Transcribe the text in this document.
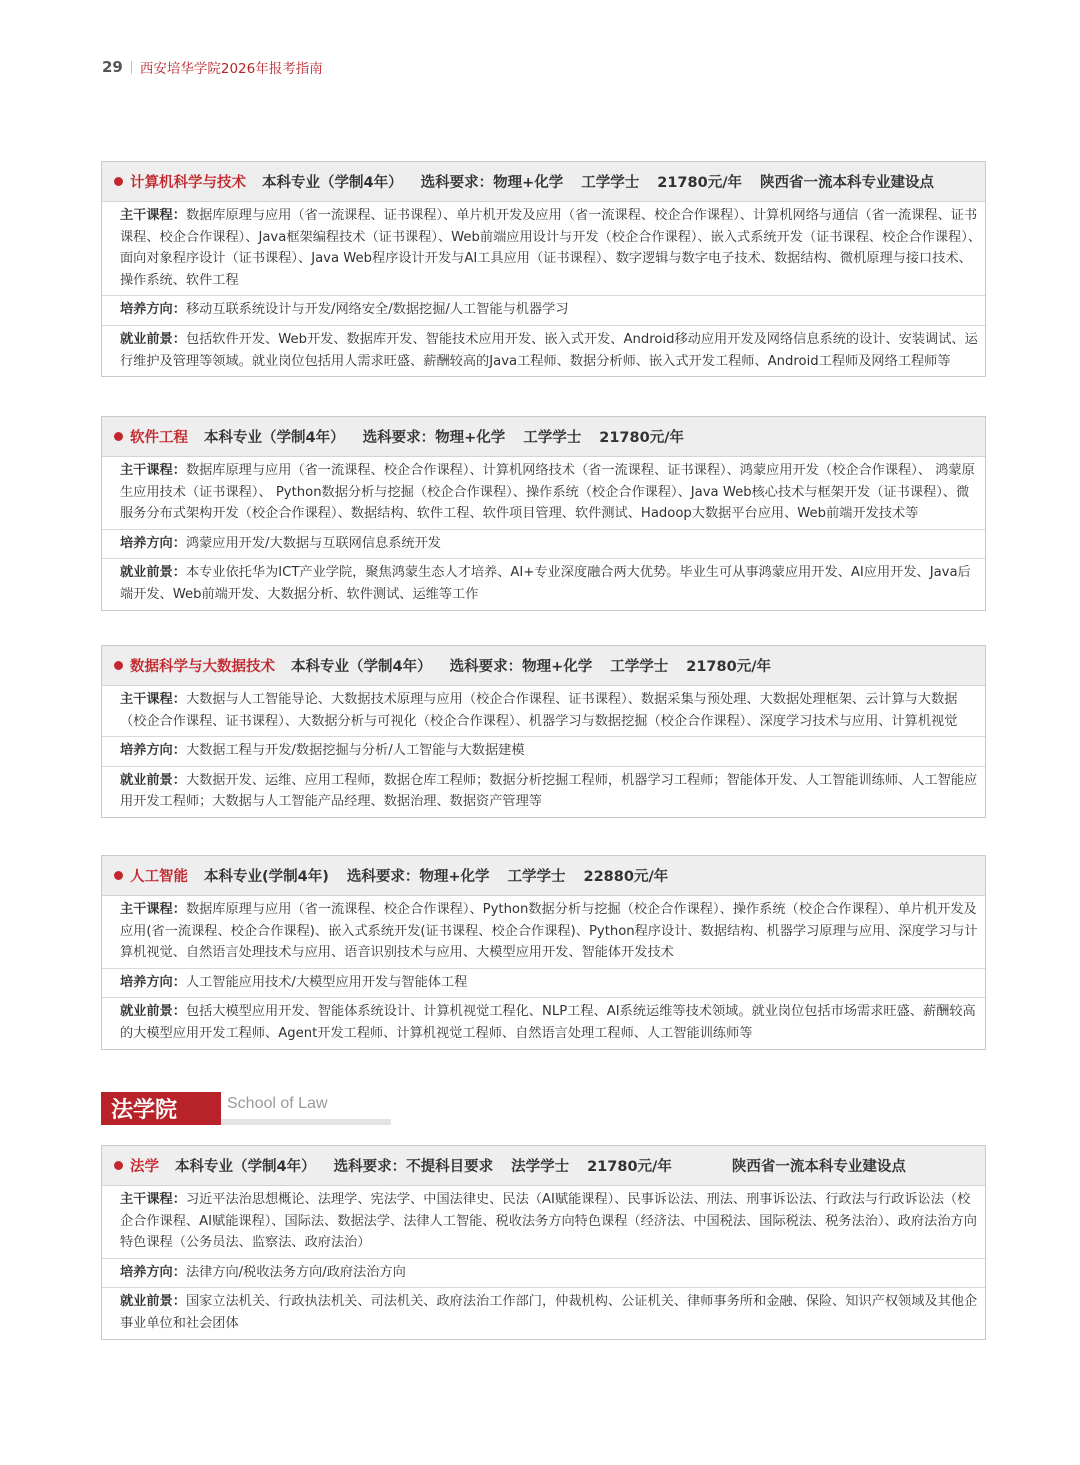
29 西安培华学院2026年报考指南
计算机科学与技术 本科专业（学制4年） 选科要求：物理+化学 工学学士 21780元/年 陕西省一流本科专业建设点
主干课程：数据库原理与应用（省一流课程、证书课程）、单片机开发及应用（省一流课程、校企合作课程）、计算机网络与通信（省一流课程、证书课程、校企合作课程）、Java框架编程技术（证书课程）、Web前端应用设计与开发（校企合作课程）、嵌入式系统开发（证书课程、校企合作课程）、面向对象程序设计（证书课程）、Java Web程序设计开发与AI工具应用（证书课程）、数字逻辑与数字电子技术、数据结构、微机原理与接口技术、操作系统、软件工程
培养方向：移动互联系统设计与开发/网络安全/数据挖掘/人工智能与机器学习
就业前景：包括软件开发、Web开发、数据库开发、智能技术应用开发、嵌入式开发、Android移动应用开发及网络信息系统的设计、安装调试、运行维护及管理等领域。就业岗位包括用人需求旺盛、薪酬较高的Java工程师、数据分析师、嵌入式开发工程师、Android工程师及网络工程师等
软件工程 本科专业（学制4年） 选科要求：物理+化学 工学学士 21780元/年
主干课程：数据库原理与应用（省一流课程、校企合作课程）、计算机网络技术（省一流课程、证书课程）、鸿蒙应用开发（校企合作课程）、 鸿蒙原生应用技术（证书课程）、 Python数据分析与挖掘（校企合作课程）、操作系统（校企合作课程）、Java Web核心技术与框架开发（证书课程）、微服务分布式架构开发（校企合作课程）、数据结构、软件工程、软件项目管理、软件测试、Hadoop大数据平台应用、Web前端开发技术等
培养方向：鸿蒙应用开发/大数据与互联网信息系统开发
就业前景：本专业依托华为ICT产业学院，聚焦鸿蒙生态人才培养、AI+专业深度融合两大优势。毕业生可从事鸿蒙应用开发、AI应用开发、Java后端开发、Web前端开发、大数据分析、软件测试、运维等工作
数据科学与大数据技术 本科专业（学制4年） 选科要求：物理+化学 工学学士 21780元/年
主干课程：大数据与人工智能导论、大数据技术原理与应用（校企合作课程、证书课程）、数据采集与预处理、大数据处理框架、云计算与大数据（校企合作课程、证书课程）、大数据分析与可视化（校企合作课程）、机器学习与数据挖掘（校企合作课程）、深度学习技术与应用、计算机视觉
培养方向：大数据工程与开发/数据挖掘与分析/人工智能与大数据建模
就业前景：大数据开发、运维、应用工程师，数据仓库工程师；数据分析挖掘工程师，机器学习工程师；智能体开发、人工智能训练师、人工智能应用开发工程师；大数据与人工智能产品经理、数据治理、数据资产管理等
人工智能 本科专业(学制4年) 选科要求：物理+化学 工学学士 22880元/年
主干课程：数据库原理与应用（省一流课程、校企合作课程）、Python数据分析与挖掘（校企合作课程）、操作系统（校企合作课程）、单片机开发及应用(省一流课程、校企合作课程)、嵌入式系统开发(证书课程、校企合作课程)、Python程序设计、数据结构、机器学习原理与应用、深度学习与计算机视觉、自然语言处理技术与应用、语音识别技术与应用、大模型应用开发、智能体开发技术
培养方向：人工智能应用技术/大模型应用开发与智能体工程
就业前景：包括大模型应用开发、智能体系统设计、计算机视觉工程化、NLP工程、AI系统运维等技术领域。就业岗位包括市场需求旺盛、薪酬较高的大模型应用开发工程师、Agent开发工程师、计算机视觉工程师、自然语言处理工程师、人工智能训练师等
法学院	School of Law
法学 本科专业（学制4年） 选科要求：不提科目要求 法学学士 21780元/年	陕西省一流本科专业建设点
主干课程：习近平法治思想概论、法理学、宪法学、中国法律史、民法（AI赋能课程）、民事诉讼法、刑法、刑事诉讼法、行政法与行政诉讼法（校企合作课程、AI赋能课程）、国际法、数据法学、法律人工智能、税收法务方向特色课程（经济法、中国税法、国际税法、税务法治）、政府法治方向特色课程（公务员法、监察法、政府法治）
培养方向：法律方向/税收法务方向/政府法治方向
就业前景：国家立法机关、行政执法机关、司法机关、政府法治工作部门，仲裁机构、公证机关、律师事务所和金融、保险、知识产权领域及其他企事业单位和社会团体
